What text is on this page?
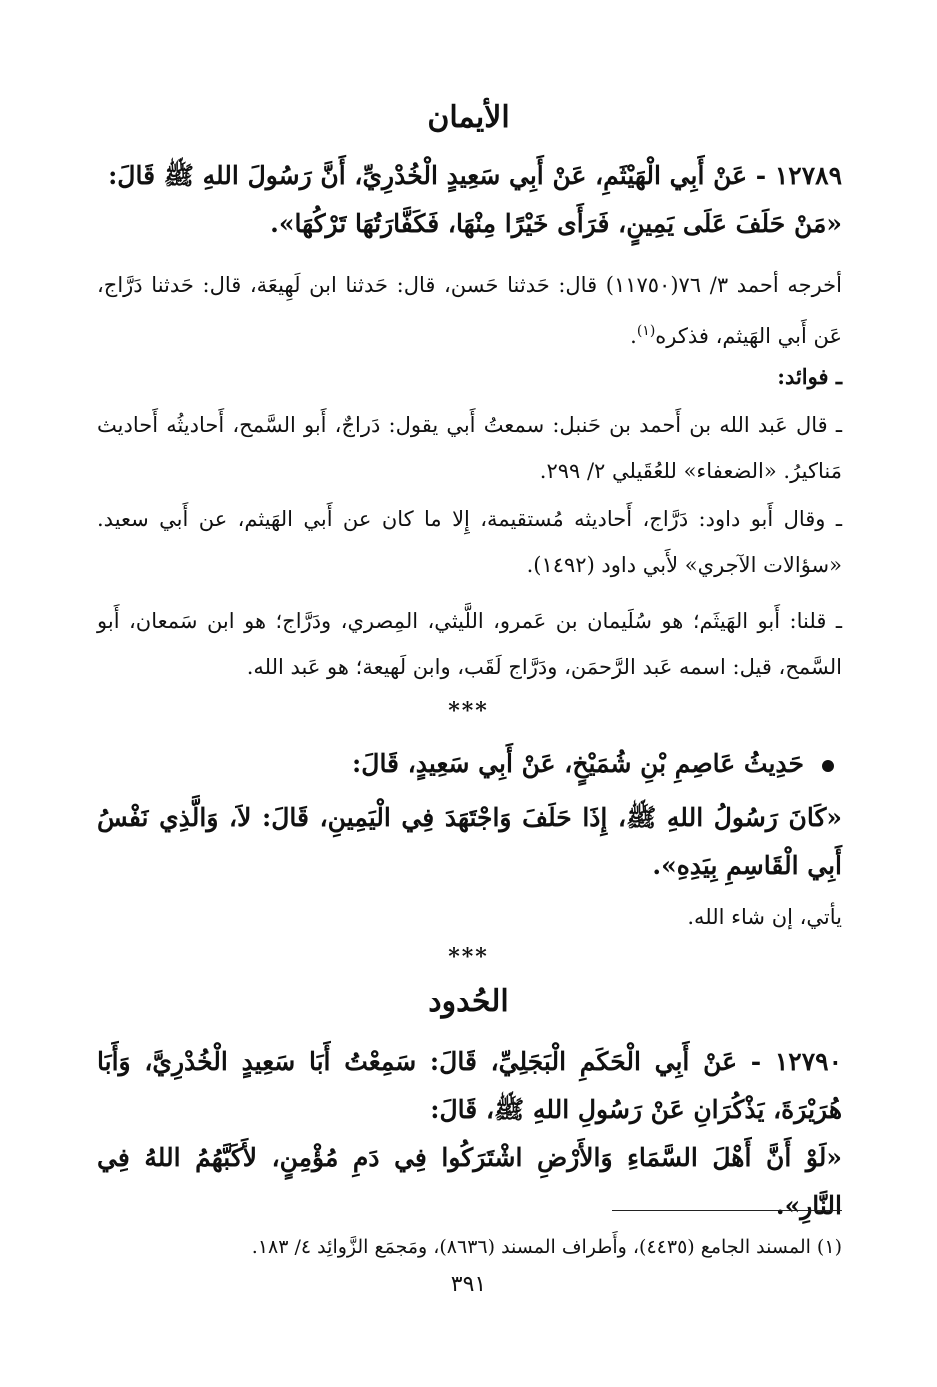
الأيمان
١٢٧٨٩ - عَنْ أَبِي الْهَيْثَمِ، عَنْ أَبِي سَعِيدٍ الْخُدْرِيِّ، أَنَّ رَسُولَ اللهِ ﷺ قَالَ:
«مَنْ حَلَفَ عَلَى يَمِينٍ، فَرَأَى خَيْرًا مِنْهَا، فَكَفَّارَتُهَا تَرْكُهَا».
أخرجه أحمد ٣/ ٧٦(١١٧٥٠) قال: حَدثنا حَسن، قال: حَدثنا ابن لَهِيعَة، قال: حَدثنا دَرَّاج، عَن أَبي الهَيثم، فذكره$^{(١)}$.
ـ فوائد:
ـ قال عَبد الله بن أَحمد بن حَنبل: سمعتُ أَبي يقول: دَراجٌ، أَبو السَّمح، أَحاديثُه أَحاديث مَناكيرُ. «الضعفاء» للعُقَيلي ٢/ ٢٩٩.
ـ وقال أَبو داود: دَرَّاج، أَحاديثه مُستقيمة، إِلا ما كان عن أَبي الهَيثم، عن أَبي سعيد. «سؤالات الآجري» لأَبي داود (١٤٩٢).
ـ قلنا: أَبو الهَيثَم؛ هو سُلَيمان بن عَمرو، اللَّيثي، المِصري، ودَرَّاج؛ هو ابن سَمعان، أَبو السَّمح، قيل: اسمه عَبد الرَّحمَن، ودَرَّاج لَقَب، وابن لَهيعة؛ هو عَبد الله.
***
حَدِيثُ عَاصِمِ بْنِ شُمَيْخٍ، عَنْ أَبِي سَعِيدٍ، قَالَ:
«كَانَ رَسُولُ اللهِ ﷺ، إِذَا حَلَفَ وَاجْتَهَدَ فِي الْيَمِينِ، قَالَ: لاَ، وَالَّذِي نَفْسُ أَبِي الْقَاسِمِ بِيَدِهِ».
يأتي، إن شاء الله.
***
الحُدود
١٢٧٩٠ - عَنْ أَبِي الْحَكَمِ الْبَجَلِيِّ، قَالَ: سَمِعْتُ أَبَا سَعِيدٍ الْخُدْرِيَّ، وَأَبَا هُرَيْرَةَ، يَذْكُرَانِ عَنْ رَسُولِ اللهِ ﷺ، قَالَ:
«لَوْ أَنَّ أَهْلَ السَّمَاءِ وَالأَرْضِ اشْتَرَكُوا فِي دَمِ مُؤْمِنٍ، لأَكَبَّهُمُ اللهُ فِي النَّارِ».
(١) المسند الجامع (٤٤٣٥)، وأَطراف المسند (٨٦٣٦)، ومَجمَع الزَّوائِد ٤/ ١٨٣.
٣٩١
